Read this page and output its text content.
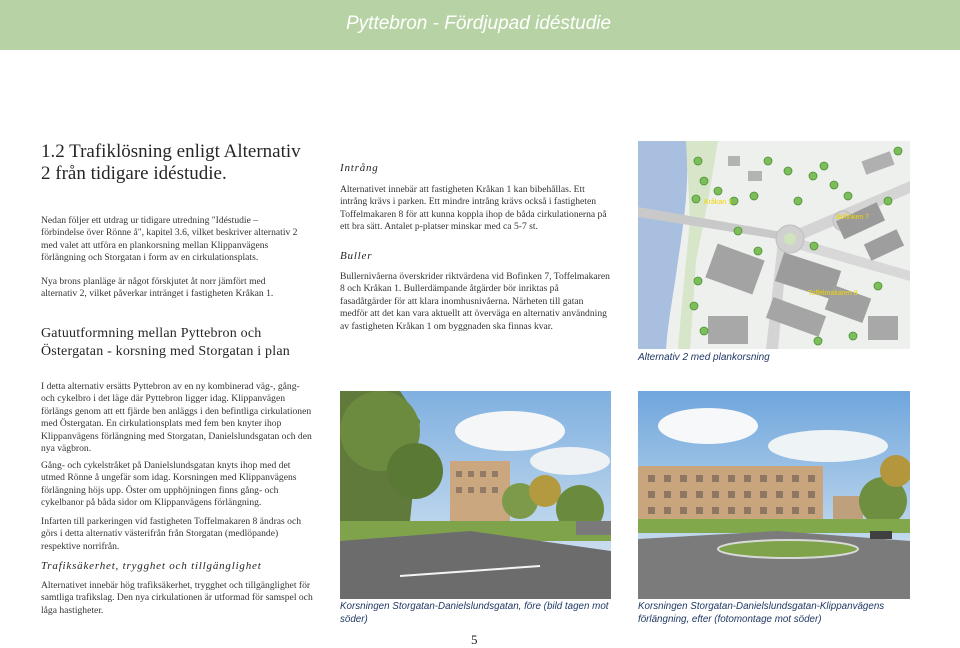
Pyttebron - Fördjupad idéstudie
1.2 Trafiklösning enligt Alternativ 2 från tidigare idéstudie.

Nedan följer ett utdrag ur tidigare utredning "Idéstudie – förbindelse över Rönne å", kapitel 3.6, vilket beskriver alternativ 2 med valet att utföra en plankorsning mellan Klippanvägens förlängning och Storgatan i form av en cirkulationsplats.

Nya brons planläge är något förskjutet åt norr jämfört med alternativ 2, vilket påverkar intränget i fastigheten Kråkan 1.

Gatuutformning mellan Pyttebron och Östergatan - korsning med Storgatan i plan

I detta alternativ ersätts Pyttebron av en ny kombinerad väg-, gång- och cykelbro i det läge där Pyttebron ligger idag. Klippanvägen förlängs genom att ett fjärde ben anläggs i den befintliga cirkulationen med Östergatan. En cirkulationsplats med fem ben knyter ihop Klippanvägens förlängning med Storgatan, Danielslundsgatan och den nya vägbron.

Gång- och cykelstråket på Danielslundsgatan knyts ihop med det utmed Rönne å ungefär som idag. Korsningen med Klippanvägens förlängning höjs upp. Öster om upphöjningen finns gång- och cykelbanor på båda sidor om Klippanvägens förlängning.

Infarten till parkeringen vid fastigheten Toffelmakaren 8 ändras och görs i detta alternativ västerifrån från Storgatan (medlöpande) respektive norrifrån.

Trafiksäkerhet, trygghet och tillgänglighet

Alternativet innebär hög trafiksäkerhet, trygghet och tillgänglighet för samtliga trafikslag. Den nya cirkulationen är utformad för samspel och låga hastigheter.

Intrång

Alternativet innebär att fastigheten Kråkan 1 kan bibehållas. Ett intrång krävs i parken. Ett mindre intrång krävs också i fastigheten Toffelmakaren 8 för att kunna koppla ihop de båda cirkulationerna på ett bra sätt. Antalet p-platser minskar med ca 5-7 st.

Buller

Bullernivåerna överskrider riktvärdena vid Bofinken 7, Toffelmakaren 8 och Kråkan 1. Bullerdämpande åtgärder bör inriktas på fasadåtgärder för att klara inomhusnivåerna. Närheten till gatan medför att det kan vara aktuellt att överväga en alternativ användning av fastigheten Kråkan 1 om byggnaden ska finnas kvar.

Kråkan 1
Bofinken 7
Toffelmakaren 8
Alternativ 2 med plankorsning
Korsningen Storgatan-Danielslundsgatan, före (bild tagen mot söder)
Korsningen Storgatan-Danielslundsgatan-Klippanvägens förlängning, efter (fotomontage mot söder)
5
